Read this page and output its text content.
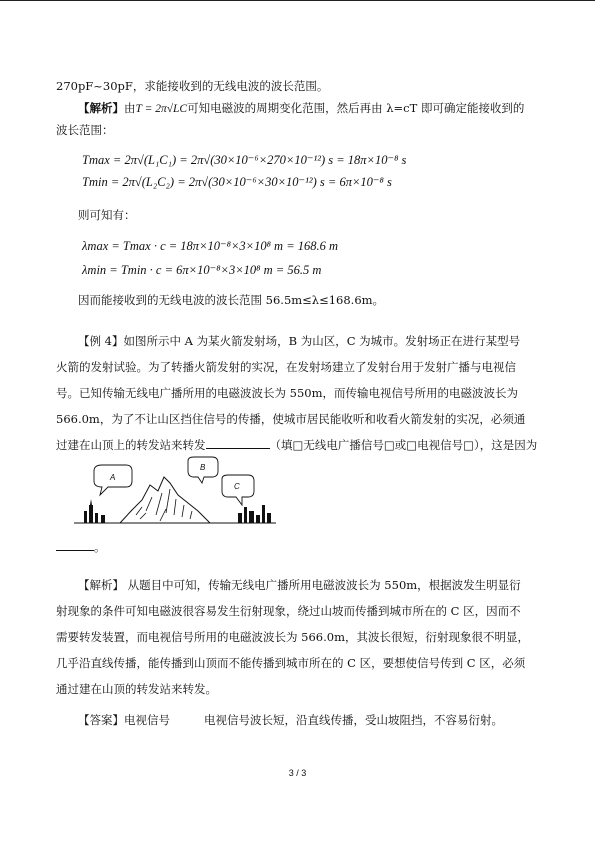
270pF~30pF，求能接收到的无线电波的波长范围。
【解析】由T = 2π√LC可知电磁波的周期变化范围，然后再由 λ=cT 即可确定能接收到的
波长范围：
Tmax = 2π√(L₁C₁) = 2π√(30×10⁻⁶×270×10⁻¹²) s = 18π×10⁻⁸ s
Tmin = 2π√(L₂C₂) = 2π√(30×10⁻⁶×30×10⁻¹²) s = 6π×10⁻⁸ s
则可知有：
λmax = Tmax · c = 18π×10⁻⁸×3×10⁸ m = 168.6 m
λmin = Tmin · c = 6π×10⁻⁸×3×10⁸ m = 56.5 m
因而能接收到的无线电波的波长范围 56.5m≤λ≤168.6m。
【例 4】如图所示中 A 为某火箭发射场，B 为山区，C 为城市。发射场正在进行某型号
火箭的发射试验。为了转播火箭发射的实况，在发射场建立了发射台用于发射广播与电视信
号。已知传输无线电广播所用的电磁波波长为 550m，而传输电视信号所用的电磁波波长为
566.0m，为了不让山区挡住信号的传播，使城市居民能收听和收看火箭发射的实况，必须通
过建在山顶上的转发站来转发	（填□无线电广播信号□或□电视信号□），这是因为
A
B
C
。
【解析】 从题目中可知，传输无线电广播所用电磁波波长为 550m，根据波发生明显衍
射现象的条件可知电磁波很容易发生衍射现象，绕过山坡而传播到城市所在的 C 区，因而不
需要转发装置，而电视信号所用的电磁波波长为 566.0m，其波长很短，衍射现象很不明显，
几乎沿直线传播，能传播到山顶而不能传播到城市所在的 C 区，要想使信号传到 C 区，必须
通过建在山顶的转发站来转发。
【答案】电视信号	电视信号波长短，沿直线传播，受山坡阻挡，不容易衍射。
3 / 3
